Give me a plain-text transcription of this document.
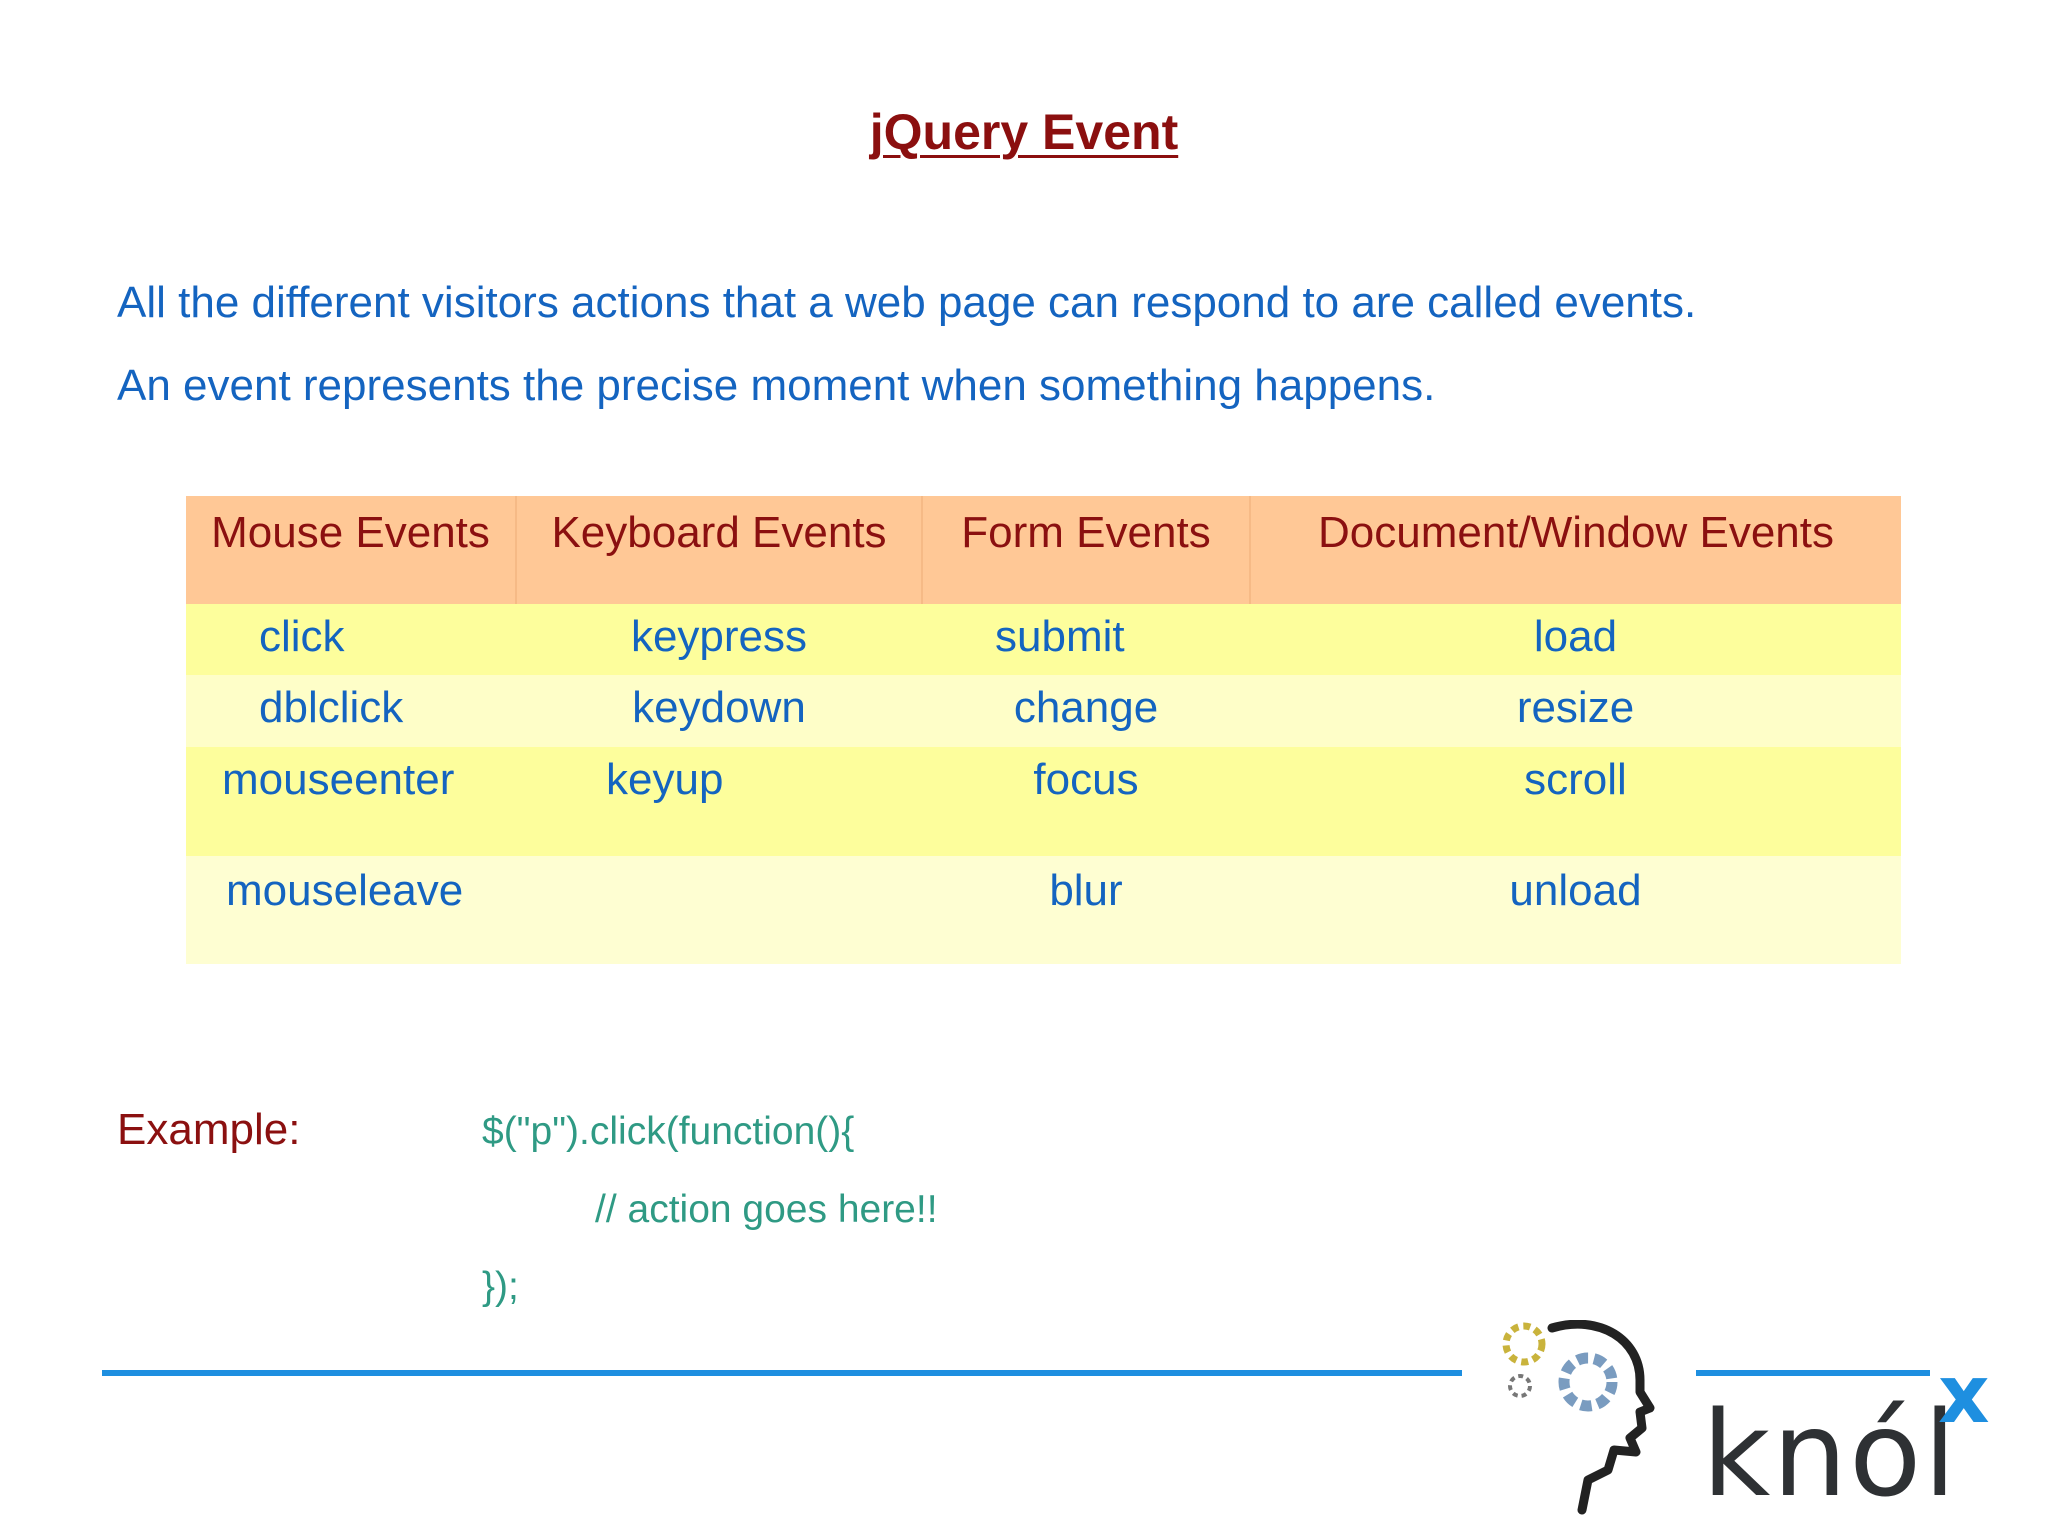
jQuery Event
All the different visitors actions that a web page can respond to are called events.
An event represents the precise moment when something happens.
Mouse Events	Keyboard Events	Form Events	Document/Window Events
click	keypress	submit	load
dblclick	keydown	change	resize
mouseenter	keyup	focus	scroll
mouseleave		blur	unload
Example:	$("p").click(function(){
// action goes here!!
});
knól
x
